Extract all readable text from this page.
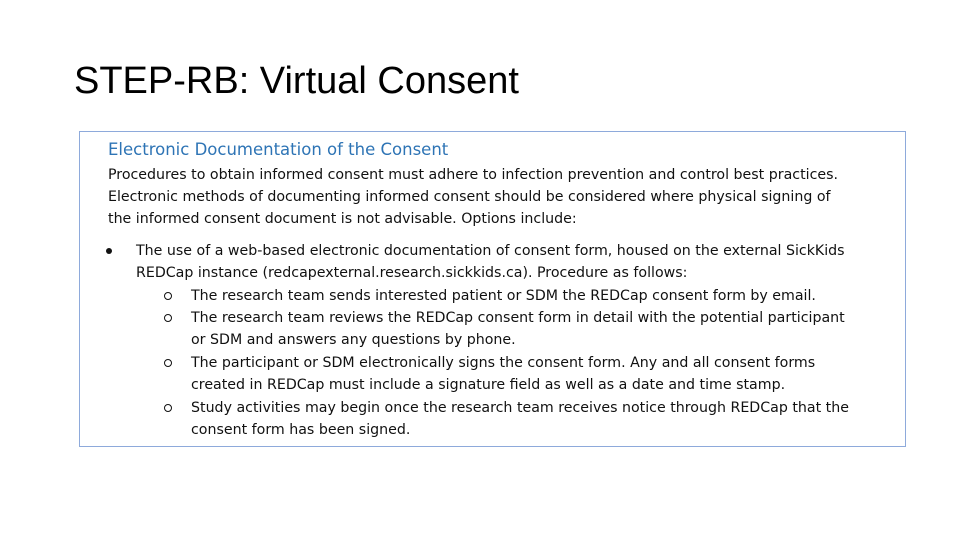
STEP-RB: Virtual Consent
Electronic Documentation of the Consent
Procedures to obtain informed consent must adhere to infection prevention and control best practices.
Electronic methods of documenting informed consent should be considered where physical signing of
the informed consent document is not advisable. Options include:
The use of a web-based electronic documentation of consent form, housed on the external SickKids
REDCap instance (redcapexternal.research.sickkids.ca). Procedure as follows:
The research team sends interested patient or SDM the REDCap consent form by email.
The research team reviews the REDCap consent form in detail with the potential participant
or SDM and answers any questions by phone.
The participant or SDM electronically signs the consent form. Any and all consent forms
created in REDCap must include a signature field as well as a date and time stamp.
Study activities may begin once the research team receives notice through REDCap that the
consent form has been signed.
